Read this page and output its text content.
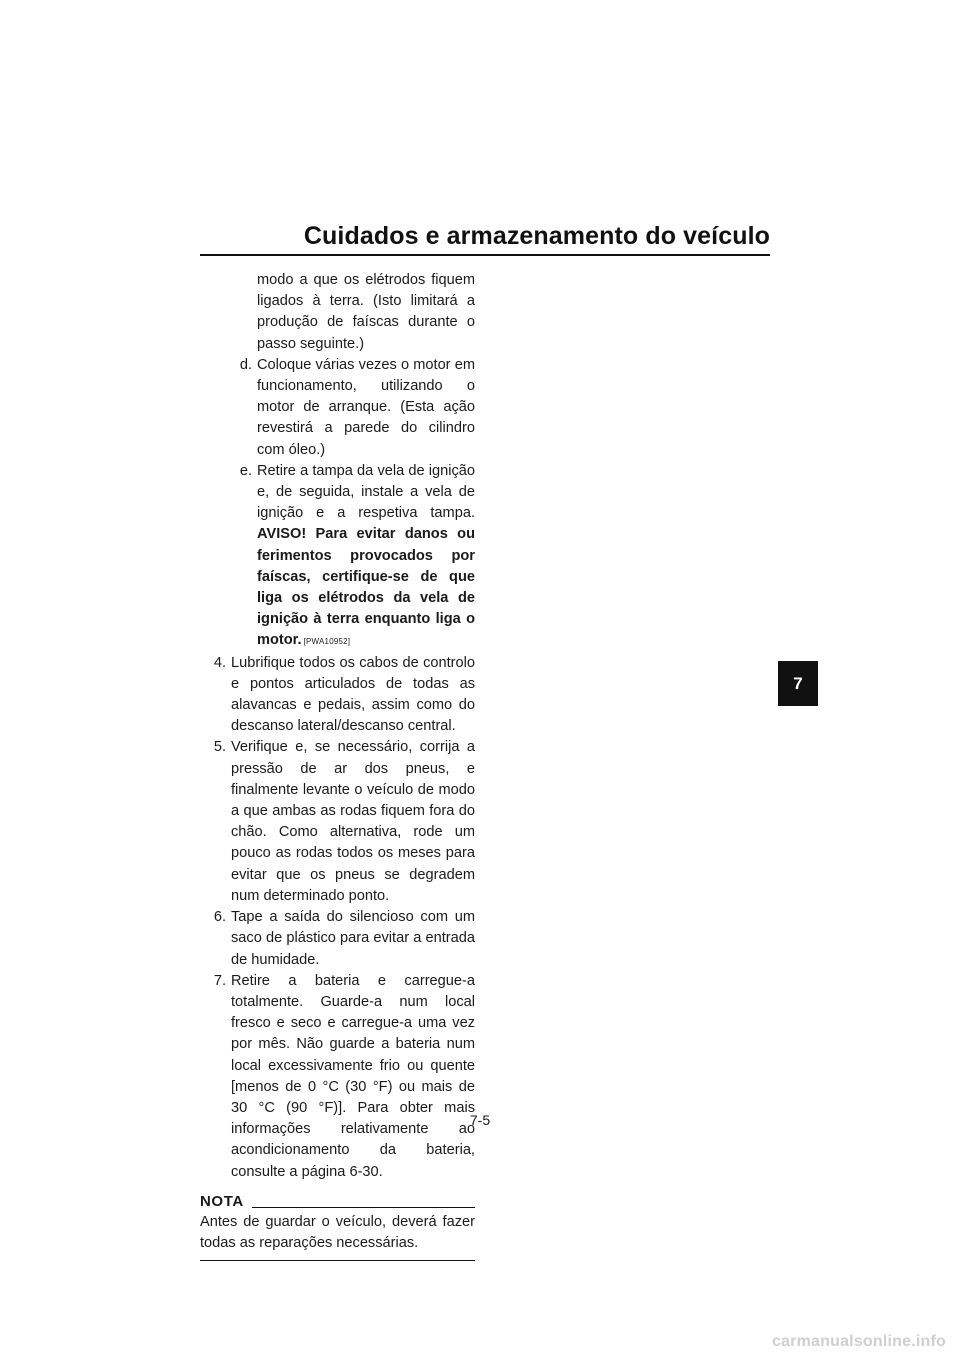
Cuidados e armazenamento do veículo
modo a que os elétrodos fiquem ligados à terra. (Isto limitará a produção de faíscas durante o passo seguinte.)
d. Coloque várias vezes o motor em funcionamento, utilizando o motor de arranque. (Esta ação revestirá a parede do cilindro com óleo.)
e. Retire a tampa da vela de ignição e, de seguida, instale a vela de ignição e a respetiva tampa. AVISO! Para evitar danos ou ferimentos provocados por faíscas, certifique-se de que liga os elétrodos da vela de ignição à terra enquanto liga o motor. [PWA10952]
4. Lubrifique todos os cabos de controlo e pontos articulados de todas as alavancas e pedais, assim como do descanso lateral/descanso central.
5. Verifique e, se necessário, corrija a pressão de ar dos pneus, e finalmente levante o veículo de modo a que ambas as rodas fiquem fora do chão. Como alternativa, rode um pouco as rodas todos os meses para evitar que os pneus se degradem num determinado ponto.
6. Tape a saída do silencioso com um saco de plástico para evitar a entrada de humidade.
7. Retire a bateria e carregue-a totalmente. Guarde-a num local fresco e seco e carregue-a uma vez por mês. Não guarde a bateria num local excessivamente frio ou quente [menos de 0 °C (30 °F) ou mais de 30 °C (90 °F)]. Para obter mais informações relativamente ao acondicionamento da bateria, consulte a página 6-30.
NOTA
Antes de guardar o veículo, deverá fazer todas as reparações necessárias.
7-5
7
carmanualsonline.info
